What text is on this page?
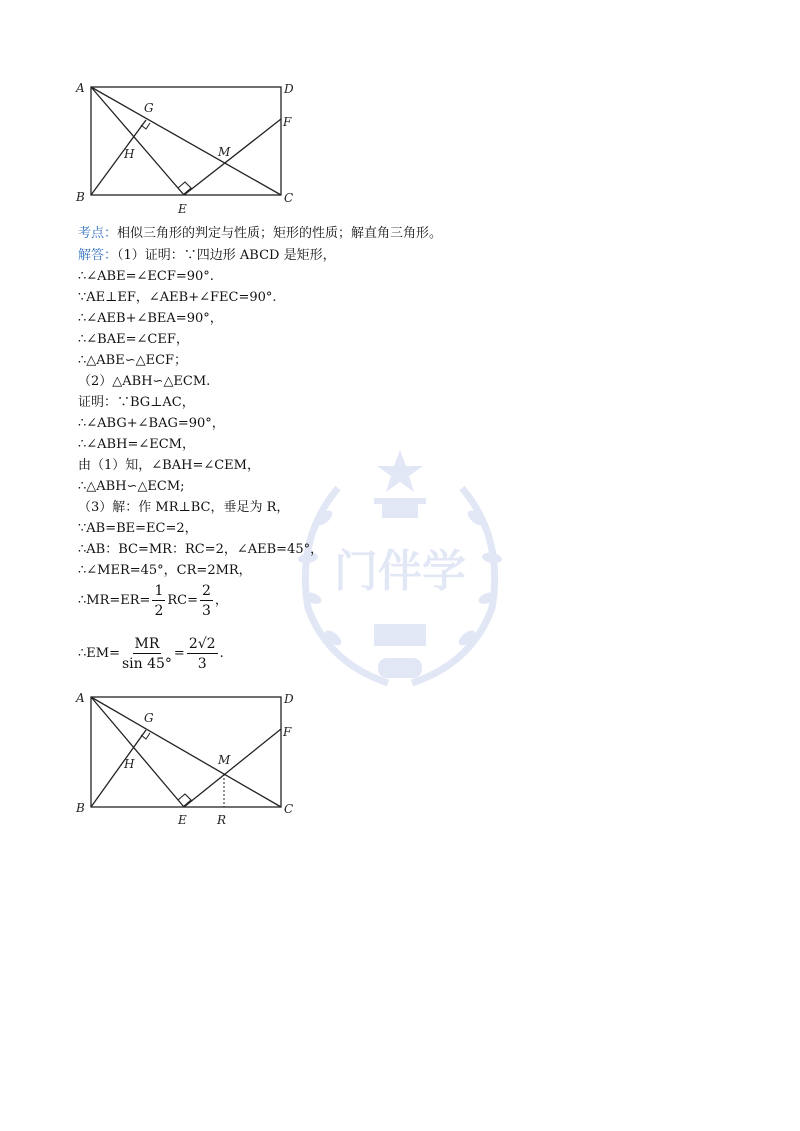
门伴学
A	D
B	C
E
F
G
H	M
考点：相似三角形的判定与性质；矩形的性质；解直角三角形。
解答：（1）证明：∵四边形 ABCD 是矩形，
∴∠ABE=∠ECF=90°.
∵AE⊥EF，∠AEB+∠FEC=90°.
∴∠AEB+∠BEA=90°，
∴∠BAE=∠CEF，
∴△ABE∽△ECF；
（2）△ABH∽△ECM.
证明：∵BG⊥AC，
∴∠ABG+∠BAG=90°，
∴∠ABH=∠ECM，
由（1）知，∠BAH=∠CEM，
∴△ABH∽△ECM;
（3）解：作 MR⊥BC，垂足为 R，
∵AB=BE=EC=2，
∴AB：BC=MR：RC=2，∠AEB=45°，
∴∠MER=45°，CR=2MR，
∴MR=ER= $\frac{1}{2} RC= \frac{2}{3}$ ，
∴EM= $\frac{MR}{\sin 45^\circ} = \frac{2√2}{3}$ .
A	D
B	C
E
F
G
H	M
R
